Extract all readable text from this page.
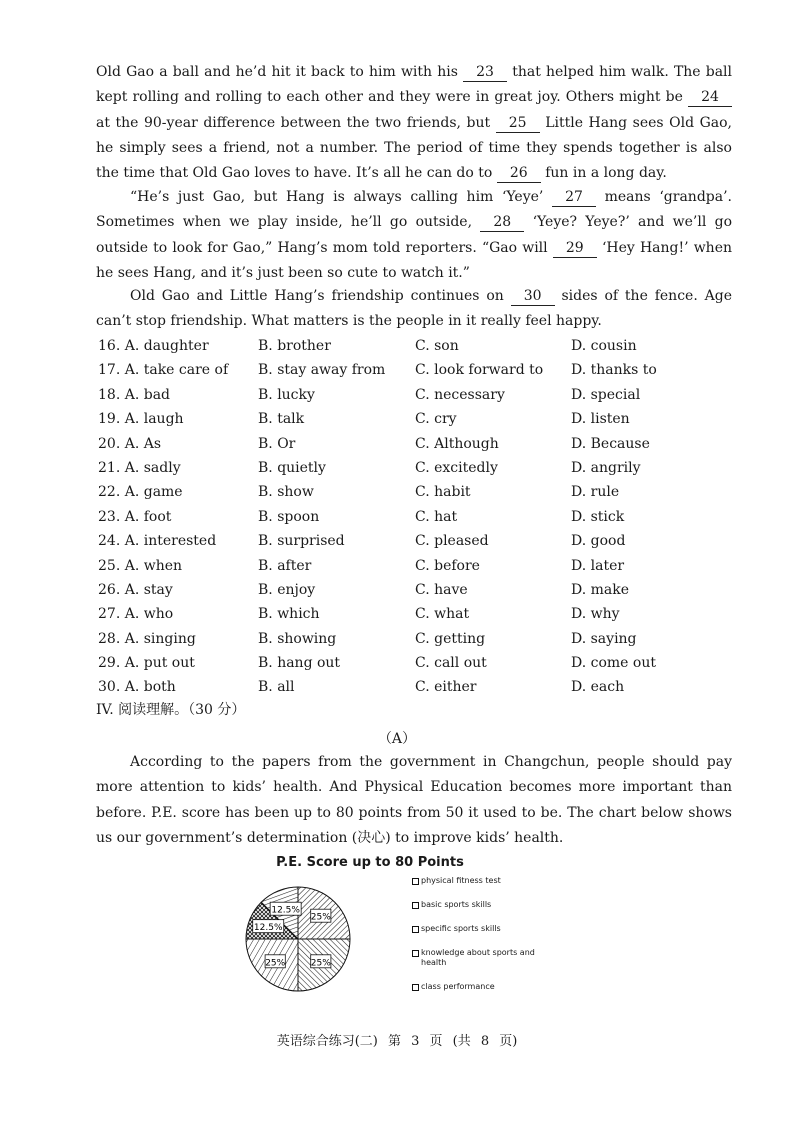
Old Gao a ball and he’d hit it back to him with his 23 that helped him walk. The ball kept rolling and rolling to each other and they were in great joy. Others might be 24 at the 90-year difference between the two friends, but 25 Little Hang sees Old Gao, he simply sees a friend, not a number. The period of time they spends together is also the time that Old Gao loves to have. It’s all he can do to 26 fun in a long day.
“He’s just Gao, but Hang is always calling him ‘Yeye’ 27 means ‘grandpa’. Sometimes when we play inside, he’ll go outside, 28 ‘Yeye? Yeye?’ and we’ll go outside to look for Gao,” Hang’s mom told reporters. “Gao will 29 ‘Hey Hang!’ when he sees Hang, and it’s just been so cute to watch it.”
Old Gao and Little Hang’s friendship continues on 30 sides of the fence. Age can’t stop friendship. What matters is the people in it really feel happy.
16. A. daughter	B. brother	C. son	D. cousin
17. A. take care of	B. stay away from	C. look forward to	D. thanks to
18. A. bad	B. lucky	C. necessary	D. special
19. A. laugh	B. talk	C. cry	D. listen
20. A. As	B. Or	C. Although	D. Because
21. A. sadly	B. quietly	C. excitedly	D. angrily
22. A. game	B. show	C. habit	D. rule
23. A. foot	B. spoon	C. hat	D. stick
24. A. interested	B. surprised	C. pleased	D. good
25. A. when	B. after	C. before	D. later
26. A. stay	B. enjoy	C. have	D. make
27. A. who	B. which	C. what	D. why
28. A. singing	B. showing	C. getting	D. saying
29. A. put out	B. hang out	C. call out	D. come out
30. A. both	B. all	C. either	D. each
IV. 阅读理解。（30 分）
（A）
According to the papers from the government in Changchun, people should pay more attention to kids’ health. And Physical Education becomes more important than before. P.E. score has been up to 80 points from 50 it used to be. The chart below shows us our government’s determination (决心) to improve kids’ health.
P.E. Score up to 80 Points
25%
25%
25%
12.5%
12.5%
physical fitness test
basic sports skills
specific sports skills
knowledge about sports and health
class performance
英语综合练习(二) 第 3 页 (共 8 页)
